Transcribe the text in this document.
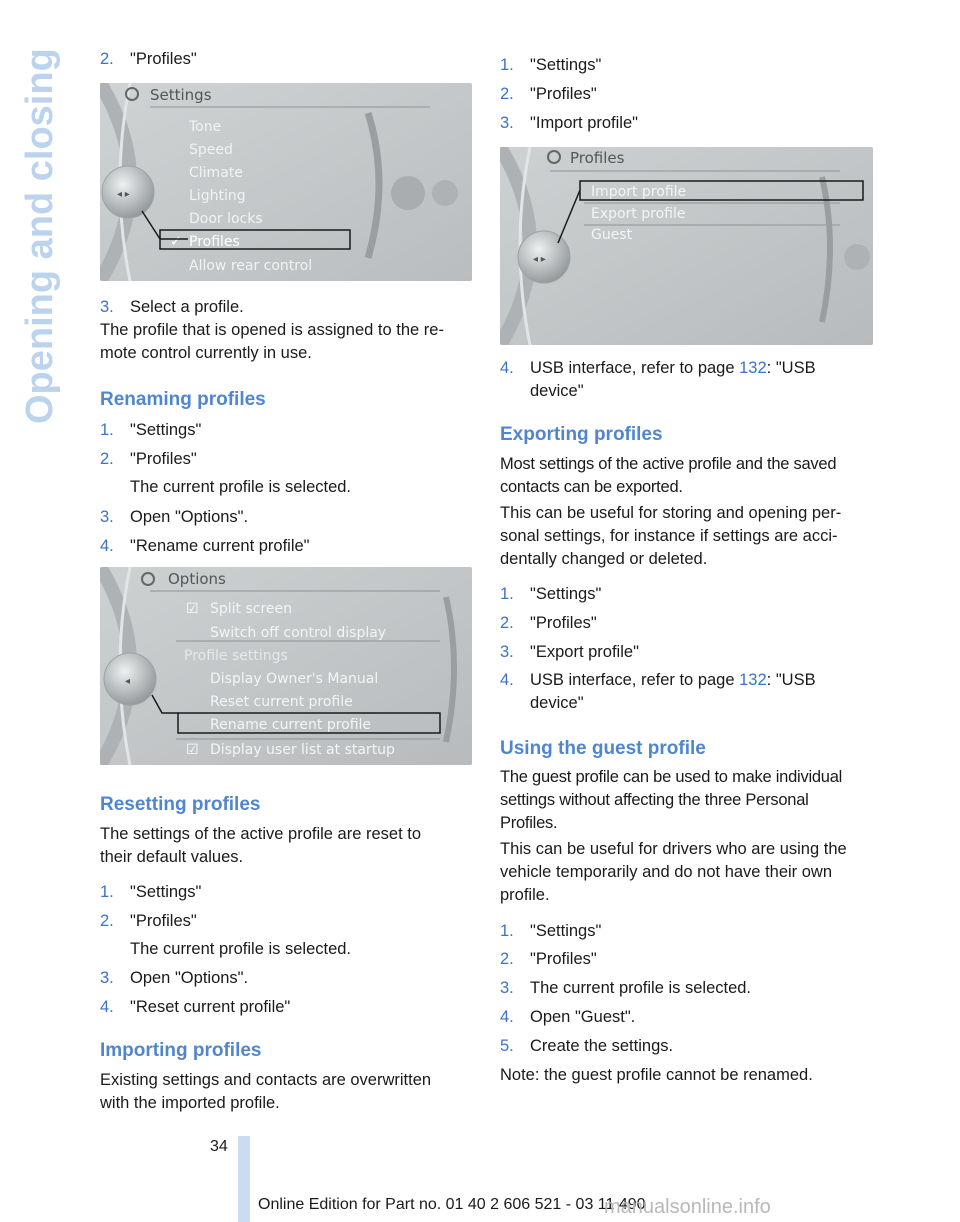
Opening and closing 2. "Profiles"

◂ ▸
Settings
Tone
Speed
Climate
Lighting
Door locks
Profiles
Allow rear control
✓

3. Select a profile.

The profile that is opened is assigned to the re-
mote control currently in use.

Renaming profiles

1. "Settings"

2. "Profiles"

The current profile is selected.

3. Open "Options".

4. "Rename current profile"

◂
Options
Split screen
Switch off control display
Profile settings
Display Owner's Manual
Reset current profile
Rename current profile
Display user list at startup
☑
☑
Resetting profiles

The settings of the active profile are reset to
their default values.

1. "Settings"

2. "Profiles"

The current profile is selected.

3. Open "Options".

4. "Reset current profile"

Importing profiles

Existing settings and contacts are overwritten
with the imported profile.

1. "Settings"

2. "Profiles"

3. "Import profile"

◂ ▸
Profiles
Import profile
Export profile
Guest

4. USB interface, refer to page 132: "USB

device"

Exporting profiles

Most settings of the active profile and the saved
contacts can be exported.

This can be useful for storing and opening per-
sonal settings, for instance if settings are acci-
dentally changed or deleted.

1. "Settings"

2. "Profiles"

3. "Export profile"

4. USB interface, refer to page 132: "USB

device"

Using the guest profile

The guest profile can be used to make individual
settings without affecting the three Personal
Profiles.

This can be useful for drivers who are using the
vehicle temporarily and do not have their own
profile.

1. "Settings"

2. "Profiles"

3. The current profile is selected.

4. Open "Guest".

5. Create the settings.

Note: the guest profile cannot be renamed.

34
Online Edition for Part no. 01 40 2 606 521 - 03 11 490
manualsonline.info
